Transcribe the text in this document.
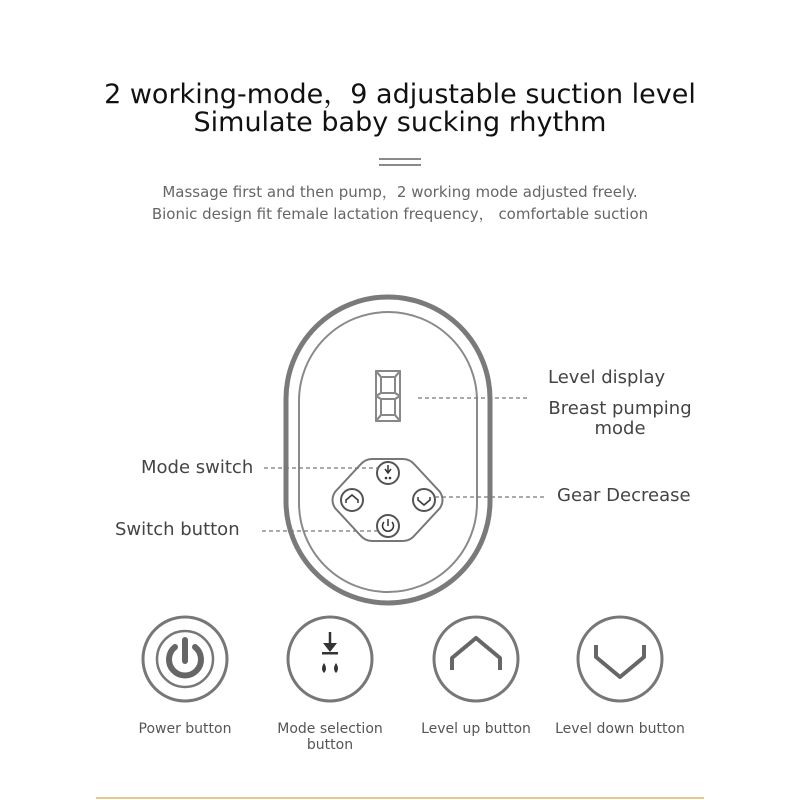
2 working-mode，9 adjustable suction level
Simulate baby sucking rhythm
Massage first and then pump，2 working mode adjusted freely.
Bionic design fit female lactation frequency， comfortable suction
Level display
Breast pumping
mode
Mode switch
Gear Decrease
Switch button
Power button	Mode selection
button
Level up button	Level down button
